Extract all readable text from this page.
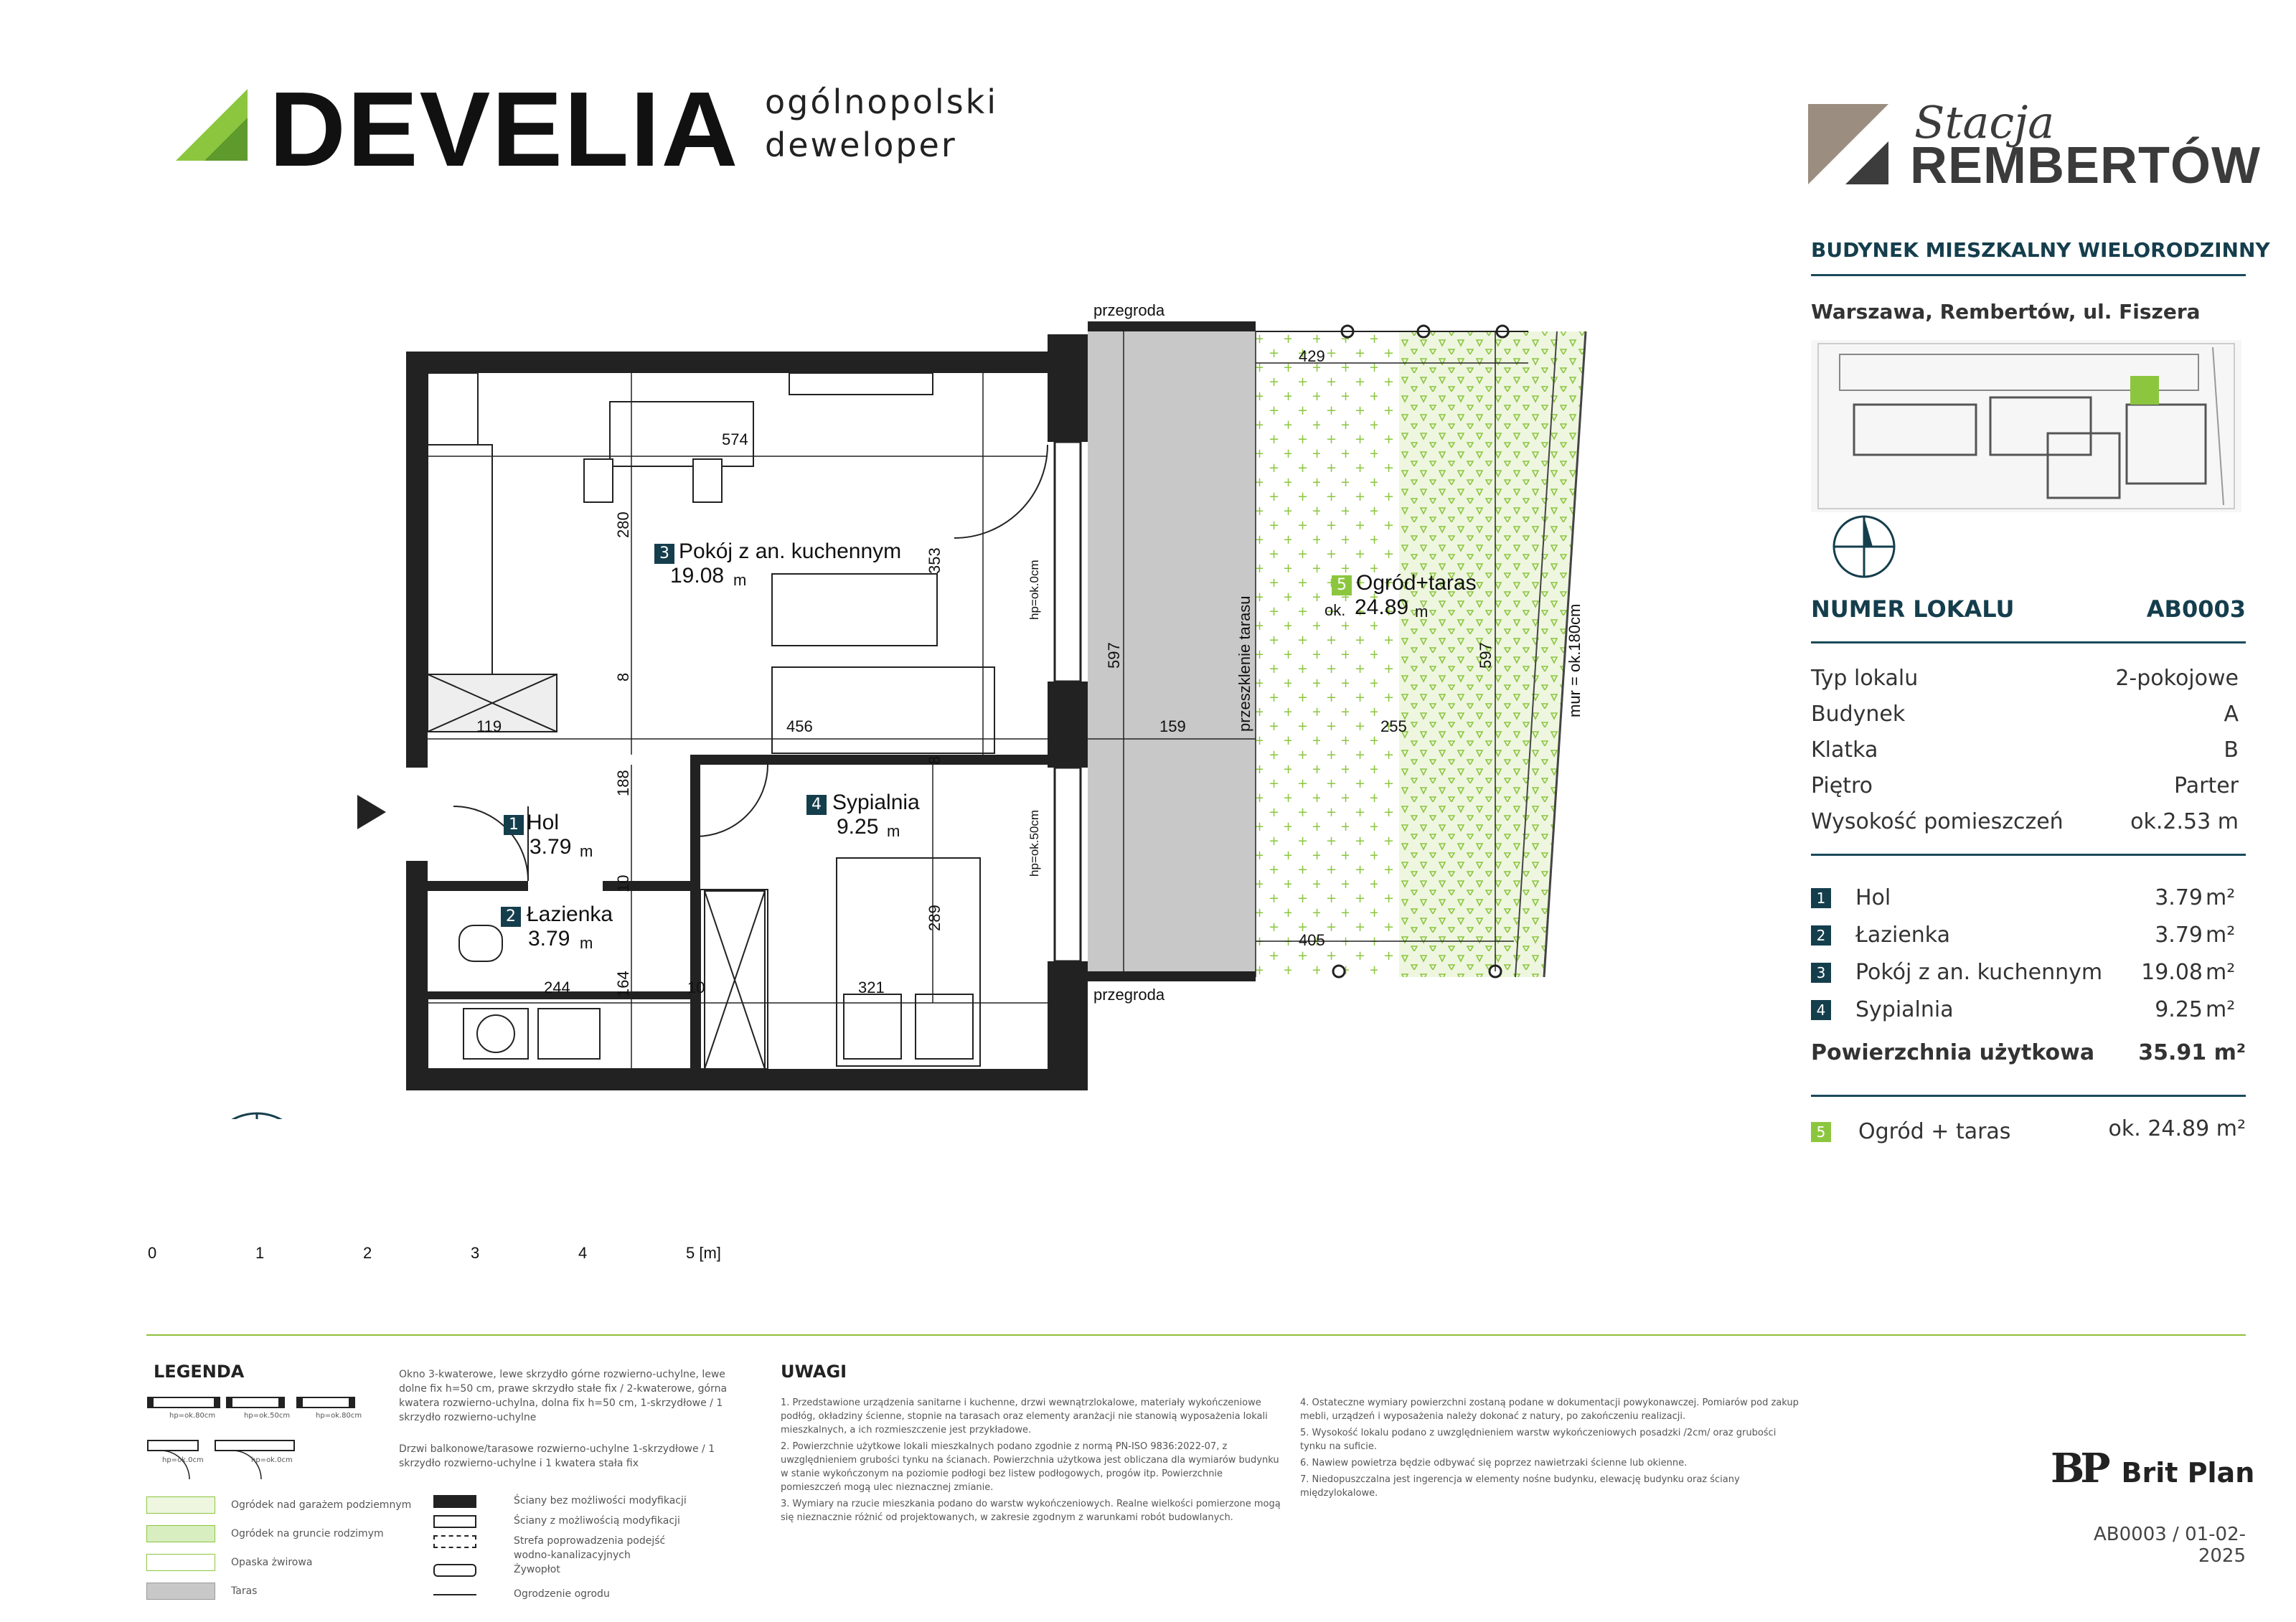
DEVELIA ogólnopolski
deweloper	Stacja
REMBERTÓW
BUDYNEK MIESZKALNY WIELORODZINNY
Warszawa, Rembertów, ul. Fiszera
NUMER LOKALU	AB0003
Typ lokalu	2-pokojowe
Budynek	A
Klatka	B
Piętro	Parter
Wysokość pomieszczeń	ok.2.53 m
1 Hol	3.79 m²
2 Łazienka	3.79 m²
3 Pokój z an. kuchennym	19.08 m²
4 Sypialnia	9.25 m²
Powierzchnia użytkowa	35.91 m²
5 Ogród + taras	ok. 24.89 m²
3 Pokój z an. kuchennym
19.08 m
4 Sypialnia
9.25 m
1 Hol
3.79 m
2 Łazienka
3.79 m
5 Ogród+taras
ok. 24.89 m
przegroda
przegroda
przeszklenie tarasu	mur = ok.180cm
hp=ok.0cm
hp=ok.50cm
574
280
353
8
119	456
8
188
10
289
244	164	10	321
597
159
429
597
255
405
0	1	2	3	4	5 [m]
LEGENDA
hp=ok.80cm	hp=ok.50cm	hp=ok.80cm
hp=ok.0cm	hp=ok.0cm
Okno 3-kwaterowe, lewe skrzydło górne rozwierno-uchylne, lewe dolne fix h=50 cm, prawe skrzydło stałe fix / 2-kwaterowe, górna kwatera rozwierno-uchylna, dolna fix h=50 cm, 1-skrzydłowe / 1 skrzydło rozwierno-uchylne
Drzwi balkonowe/tarasowe rozwierno-uchylne 1-skrzydłowe / 1 skrzydło rozwierno-uchylne i 1 kwatera stała fix
Ogródek nad garażem podziemnym
Ogródek na gruncie rodzimym
Opaska żwirowa
Taras
Ściany bez możliwości modyfikacji
Ściany z możliwością modyfikacji
Strefa poprowadzenia podejść wodno-kanalizacyjnych
Żywopłot
Ogrodzenie ogrodu
UWAGI
1. Przedstawione urządzenia sanitarne i kuchenne, drzwi wewnątrzlokalowe, materiały wykończeniowe podłóg, okładziny ścienne, stopnie na tarasach oraz elementy aranżacji nie stanowią wyposażenia lokali mieszkalnych, a ich rozmieszczenie jest przykładowe.
2. Powierzchnie użytkowe lokali mieszkalnych podano zgodnie z normą PN-ISO 9836:2022-07, z uwzględnieniem grubości tynku na ścianach. Powierzchnia użytkowa jest obliczana dla wymiarów budynku w stanie wykończonym na poziomie podłogi bez listew podłogowych, progów itp. Powierzchnie pomieszczeń mogą ulec nieznacznej zmianie.
3. Wymiary na rzucie mieszkania podano do warstw wykończeniowych. Realne wielkości pomierzone mogą się nieznacznie różnić od projektowanych, w zakresie zgodnym z warunkami robót budowlanych.
4. Ostateczne wymiary powierzchni zostaną podane w dokumentacji powykonawczej. Pomiarów pod zakup mebli, urządzeń i wyposażenia należy dokonać z natury, po zakończeniu realizacji.
5. Wysokość lokalu podano z uwzględnieniem warstw wykończeniowych posadzki /2cm/ oraz grubości tynku na suficie.
6. Nawiew powietrza będzie odbywać się poprzez nawietrzaki ścienne lub okienne.
7. Niedopuszczalna jest ingerencja w elementy nośne budynku, elewację budynku oraz ściany międzylokalowe.
BP Brit Plan
AB0003 / 01-02-2025
